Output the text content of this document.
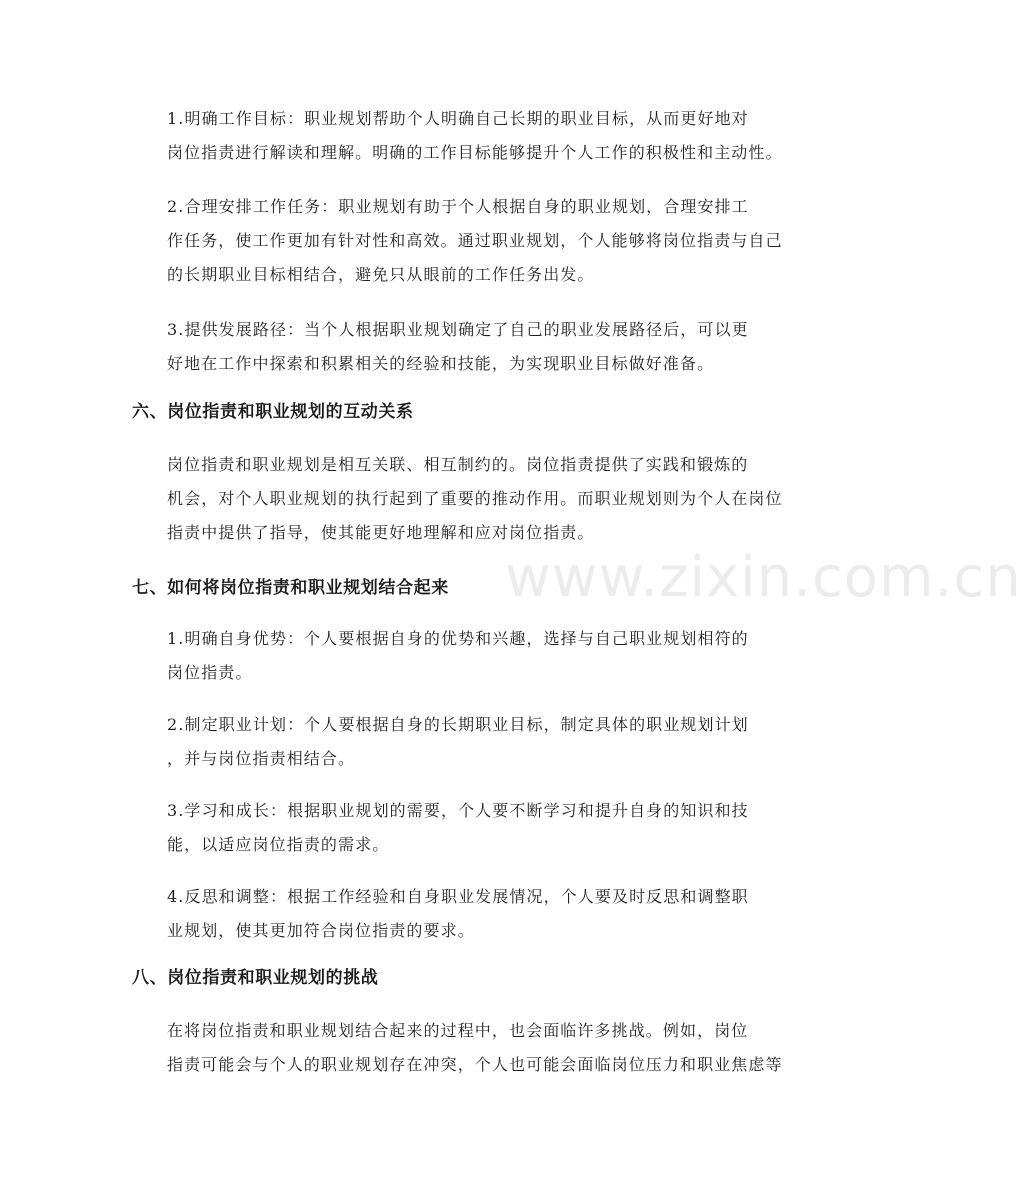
www.zixin.com.cn

1.明确工作目标：职业规划帮助个人明确自己长期的职业目标，从而更好地对
岗位指责进行解读和理解。明确的工作目标能够提升个人工作的积极性和主动性。

2.合理安排工作任务：职业规划有助于个人根据自身的职业规划，合理安排工
作任务，使工作更加有针对性和高效。通过职业规划，个人能够将岗位指责与自己
的长期职业目标相结合，避免只从眼前的工作任务出发。

3.提供发展路径：当个人根据职业规划确定了自己的职业发展路径后，可以更
好地在工作中探索和积累相关的经验和技能，为实现职业目标做好准备。

六、岗位指责和职业规划的互动关系

岗位指责和职业规划是相互关联、相互制约的。岗位指责提供了实践和锻炼的
机会，对个人职业规划的执行起到了重要的推动作用。而职业规划则为个人在岗位
指责中提供了指导，使其能更好地理解和应对岗位指责。

七、如何将岗位指责和职业规划结合起来

1.明确自身优势：个人要根据自身的优势和兴趣，选择与自己职业规划相符的
岗位指责。

2.制定职业计划：个人要根据自身的长期职业目标，制定具体的职业规划计划
，并与岗位指责相结合。

3.学习和成长：根据职业规划的需要，个人要不断学习和提升自身的知识和技
能，以适应岗位指责的需求。

4.反思和调整：根据工作经验和自身职业发展情况，个人要及时反思和调整职
业规划，使其更加符合岗位指责的要求。

八、岗位指责和职业规划的挑战

在将岗位指责和职业规划结合起来的过程中，也会面临许多挑战。例如，岗位
指责可能会与个人的职业规划存在冲突，个人也可能会面临岗位压力和职业焦虑等
